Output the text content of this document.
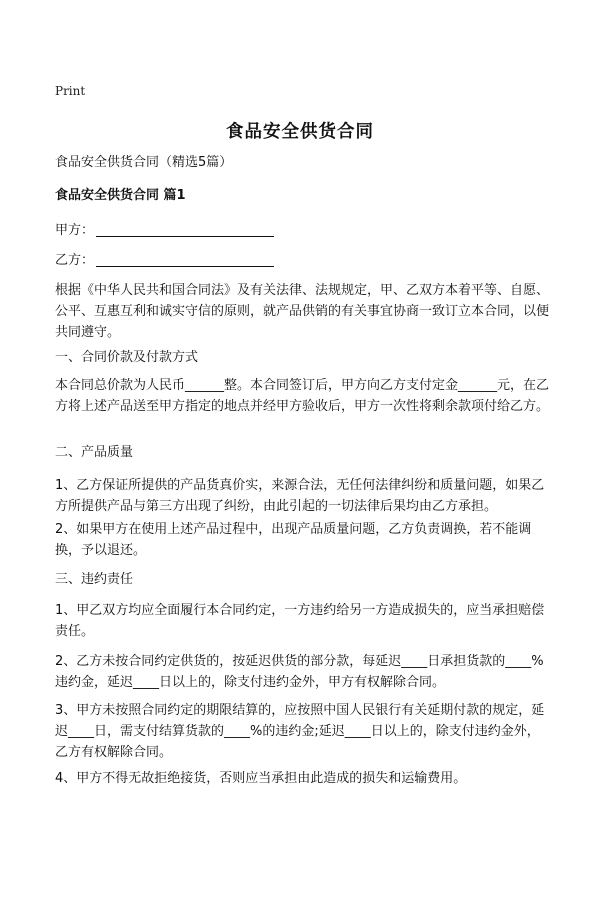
Print
食品安全供货合同
食品安全供货合同（精选5篇）
食品安全供货合同 篇1
甲方：
乙方：
根据《中华人民共和国合同法》及有关法律、法规规定，甲、乙双方本着平等、自愿、公平、互惠互利和诚实守信的原则，就产品供销的有关事宜协商一致订立本合同，以便共同遵守。
一、合同价款及付款方式
本合同总价款为人民币______整。本合同签订后，甲方向乙方支付定金______元，在乙方将上述产品送至甲方指定的地点并经甲方验收后，甲方一次性将剩余款项付给乙方。
二、产品质量
1、乙方保证所提供的产品货真价实，来源合法，无任何法律纠纷和质量问题，如果乙方所提供产品与第三方出现了纠纷，由此引起的一切法律后果均由乙方承担。
2、如果甲方在使用上述产品过程中，出现产品质量问题，乙方负责调换，若不能调换，予以退还。
三、违约责任
1、甲乙双方均应全面履行本合同约定，一方违约给另一方造成损失的，应当承担赔偿责任。
2、乙方未按合同约定供货的，按延迟供货的部分款，每延迟____日承担货款的____%违约金，延迟____日以上的，除支付违约金外，甲方有权解除合同。
3、甲方未按照合同约定的期限结算的，应按照中国人民银行有关延期付款的规定，延迟____日，需支付结算货款的____%的违约金;延迟____日以上的，除支付违约金外，乙方有权解除合同。
4、甲方不得无故拒绝接货，否则应当承担由此造成的损失和运输费用。
